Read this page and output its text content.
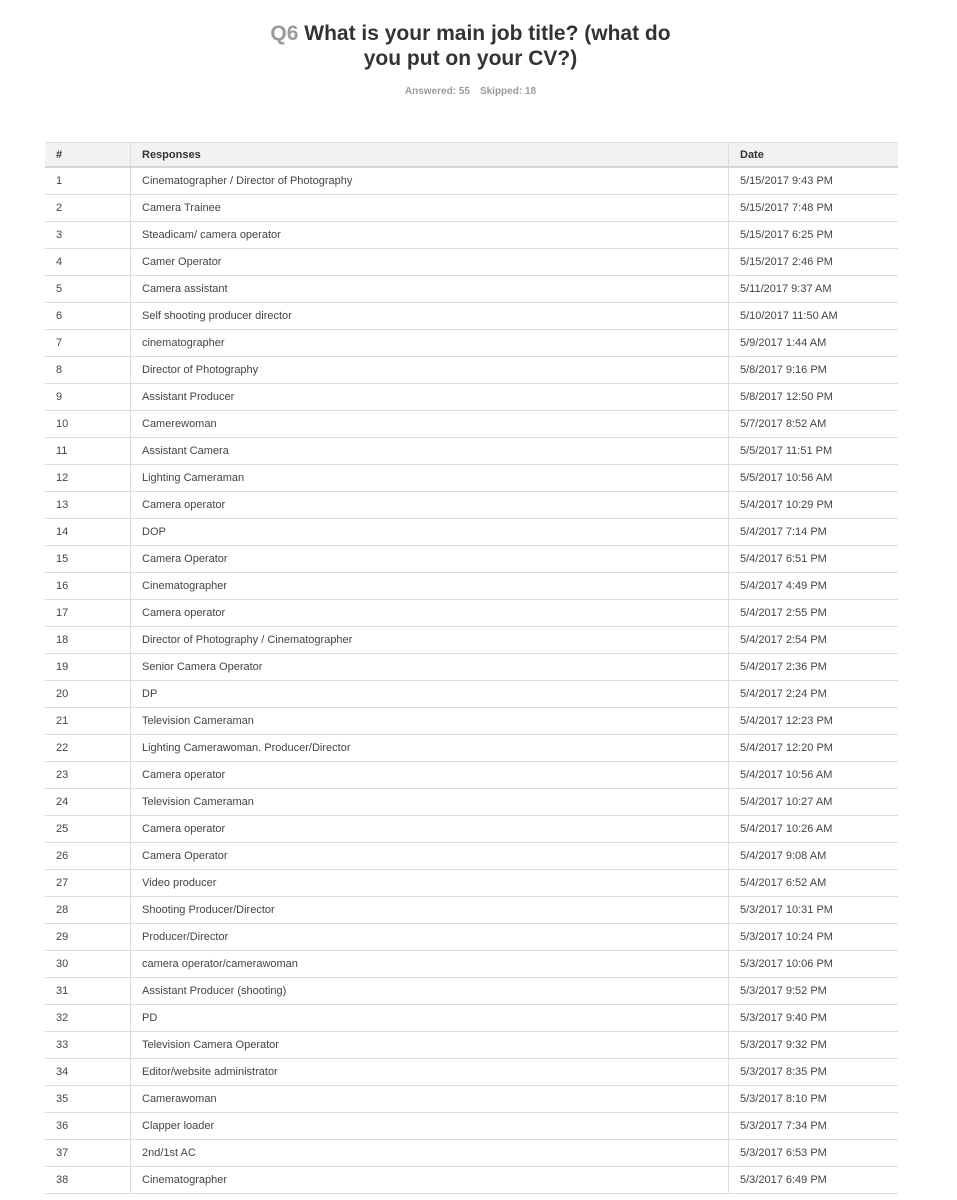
Q6 What is your main job title? (what do
you put on your CV?)
Answered: 55 Skipped: 18
#	Responses	Date
1	Cinematographer / Director of Photography	5/15/2017 9:43 PM
2	Camera Trainee	5/15/2017 7:48 PM
3	Steadicam/ camera operator	5/15/2017 6:25 PM
4	Camer Operator	5/15/2017 2:46 PM
5	Camera assistant	5/11/2017 9:37 AM
6	Self shooting producer director	5/10/2017 11:50 AM
7	cinematographer	5/9/2017 1:44 AM
8	Director of Photography	5/8/2017 9:16 PM
9	Assistant Producer	5/8/2017 12:50 PM
10	Camerewoman	5/7/2017 8:52 AM
11	Assistant Camera	5/5/2017 11:51 PM
12	Lighting Cameraman	5/5/2017 10:56 AM
13	Camera operator	5/4/2017 10:29 PM
14	DOP	5/4/2017 7:14 PM
15	Camera Operator	5/4/2017 6:51 PM
16	Cinematographer	5/4/2017 4:49 PM
17	Camera operator	5/4/2017 2:55 PM
18	Director of Photography / Cinematographer	5/4/2017 2:54 PM
19	Senior Camera Operator	5/4/2017 2:36 PM
20	DP	5/4/2017 2:24 PM
21	Television Cameraman	5/4/2017 12:23 PM
22	Lighting Camerawoman. Producer/Director	5/4/2017 12:20 PM
23	Camera operator	5/4/2017 10:56 AM
24	Television Cameraman	5/4/2017 10:27 AM
25	Camera operator	5/4/2017 10:26 AM
26	Camera Operator	5/4/2017 9:08 AM
27	Video producer	5/4/2017 6:52 AM
28	Shooting Producer/Director	5/3/2017 10:31 PM
29	Producer/Director	5/3/2017 10:24 PM
30	camera operator/camerawoman	5/3/2017 10:06 PM
31	Assistant Producer (shooting)	5/3/2017 9:52 PM
32	PD	5/3/2017 9:40 PM
33	Television Camera Operator	5/3/2017 9:32 PM
34	Editor/website administrator	5/3/2017 8:35 PM
35	Camerawoman	5/3/2017 8:10 PM
36	Clapper loader	5/3/2017 7:34 PM
37	2nd/1st AC	5/3/2017 6:53 PM
38	Cinematographer	5/3/2017 6:49 PM
